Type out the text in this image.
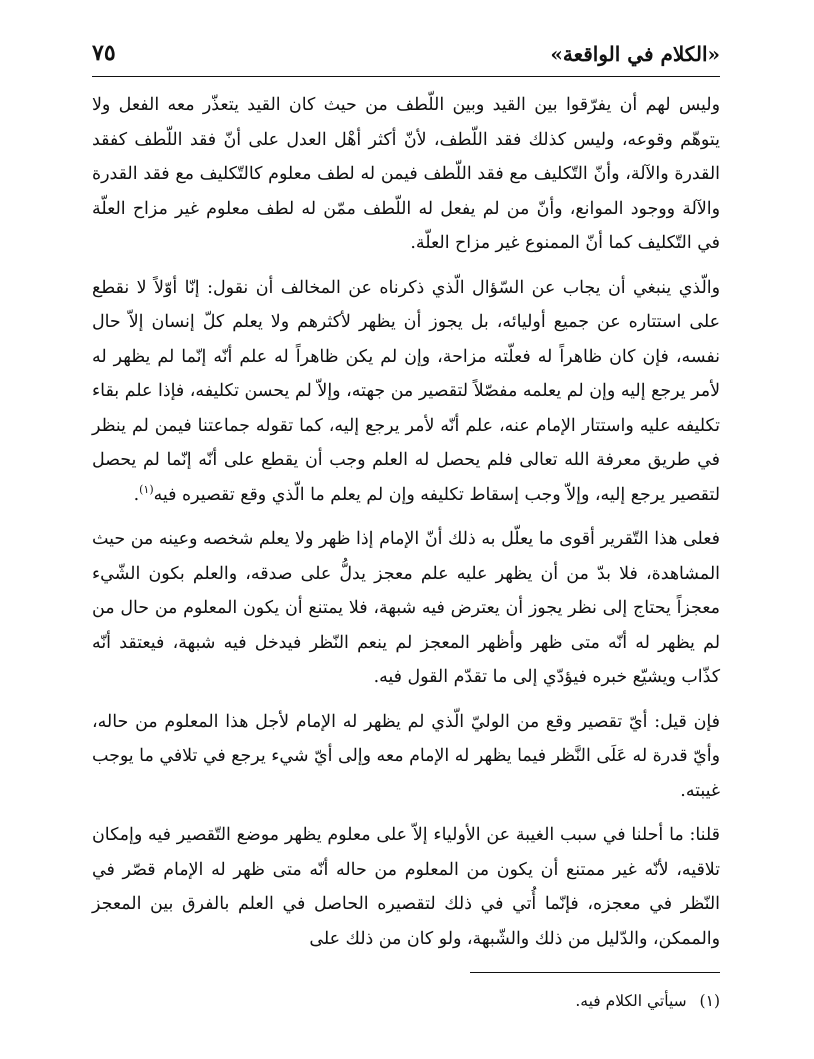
«الكلام في الواقعة»
٧٥

وليس لهم أن يفرّقوا بين القيد وبين اللّطف من حيث كان القيد يتعذّر معه الفعل ولا يتوهّم وقوعه، وليس كذلك فقد اللّطف، لأنّ أكثر أهْل العدل على أنّ فقد اللّطف كفقد القدرة والآلة، وأنّ التّكليف مع فقد اللّطف فيمن له لطف معلوم كالتّكليف مع فقد القدرة والآلة ووجود الموانع، وأنّ من لم يفعل له اللّطف ممّن له لطف معلوم غير مزاح العلّة في التّكليف كما أنّ الممنوع غير مزاح العلّة.

والّذي ينبغي أن يجاب عن السّؤال الّذي ذكرناه عن المخالف أن نقول: إنّا أوّلاً لا نقطع على استتاره عن جميع أوليائه، بل يجوز أن يظهر لأكثرهم ولا يعلم كلّ إنسان إلاّ حال نفسه، فإن كان ظاهراً له فعلّته مزاحة، وإن لم يكن ظاهراً له علم أنّه إنّما لم يظهر له لأمر يرجع إليه وإن لم يعلمه مفصّلاً لتقصير من جهته، وإلاّ لم يحسن تكليفه، فإذا علم بقاء تكليفه عليه واستتار الإمام عنه، علم أنّه لأمر يرجع إليه، كما تقوله جماعتنا فيمن لم ينظر في طريق معرفة الله تعالى فلم يحصل له العلم وجب أن يقطع على أنّه إنّما لم يحصل لتقصير يرجع إليه، وإلاّ وجب إسقاط تكليفه وإن لم يعلم ما الّذي وقع تقصيره فيه$^{(١)}$.

فعلى هذا التّقرير أقوى ما يعلّل به ذلك أنّ الإمام إذا ظهر ولا يعلم شخصه وعينه من حيث المشاهدة، فلا بدّ من أن يظهر عليه علم معجز يدلُّ على صدقه، والعلم بكون الشّيء معجزاً يحتاج إلى نظر يجوز أن يعترض فيه شبهة، فلا يمتنع أن يكون المعلوم من حال من لم يظهر له أنّه متى ظهر وأظهر المعجز لم ينعم النّظر فيدخل فيه شبهة، فيعتقد أنّه كذّاب ويشيّع خبره فيؤدّي إلى ما تقدّم القول فيه.

فإن قيل: أيّ تقصير وقع من الوليّ الّذي لم يظهر له الإمام لأجل هذا المعلوم من حاله، وأيّ قدرة له عَلَى النَّظر فيما يظهر له الإمام معه وإلى أيّ شيء يرجع في تلافي ما يوجب غيبته.

قلنا: ما أحلنا في سبب الغيبة عن الأولياء إلاّ على معلوم يظهر موضع التّقصير فيه وإمكان تلاقيه، لأنّه غير ممتنع أن يكون من المعلوم من حاله أنّه متى ظهر له الإمام قصّر في النّظر في معجزه، فإنّما أُتي في ذلك لتقصيره الحاصل في العلم بالفرق بين المعجز والممكن، والدّليل من ذلك والشّبهة، ولو كان من ذلك على

(١) سيأتي الكلام فيه.
